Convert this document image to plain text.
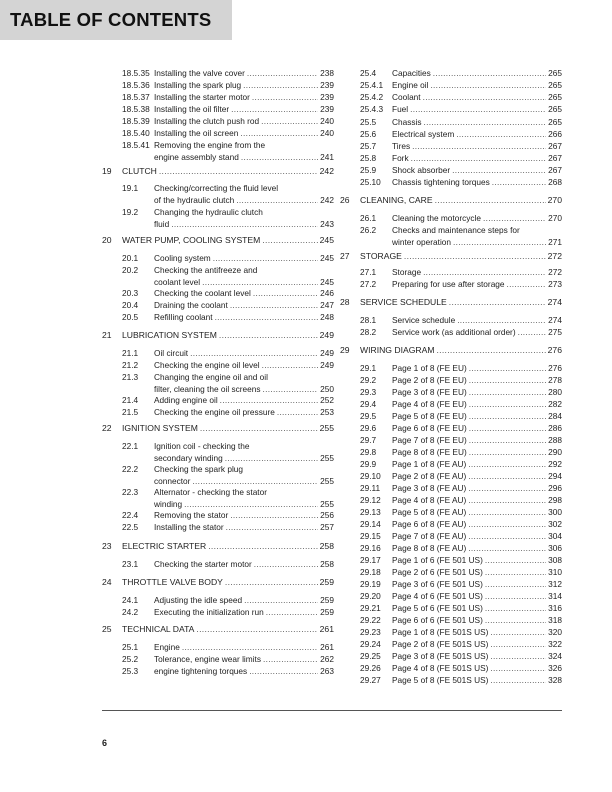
TABLE OF CONTENTS
18.5.35 Installing the valve cover .....	238
18.5.36 Installing the spark plug .....	239
18.5.37 Installing the starter motor .....	239
18.5.38 Installing the oil filter .....	239
18.5.39 Installing the clutch push rod .....	240
18.5.40 Installing the oil screen .....	240
18.5.41 Removing the engine from the
engine assembly stand .....	241
19 CLUTCH .....	242
19.1 Checking/correcting the fluid level
of the hydraulic clutch .....	242
19.2 Changing the hydraulic clutch
fluid .....	243
20 WATER PUMP, COOLING SYSTEM .....	245
20.1 Cooling system .....	245
20.2 Checking the antifreeze and
coolant level .....	245
20.3 Checking the coolant level .....	246
20.4 Draining the coolant .....	247
20.5 Refilling coolant .....	248
21 LUBRICATION SYSTEM .....	249
21.1 Oil circuit .....	249
21.2 Checking the engine oil level .....	249
21.3 Changing the engine oil and oil
filter, cleaning the oil screens .....	250
21.4 Adding engine oil .....	252
21.5 Checking the engine oil pressure .....	253
22 IGNITION SYSTEM .....	255
22.1 Ignition coil - checking the
secondary winding .....	255
22.2 Checking the spark plug
connector .....	255
22.3 Alternator - checking the stator
winding .....	255
22.4 Removing the stator .....	256
22.5 Installing the stator .....	257
23 ELECTRIC STARTER .....	258
23.1 Checking the starter motor .....	258
24 THROTTLE VALVE BODY .....	259
24.1 Adjusting the idle speed .....	259
24.2 Executing the initialization run .....	259
25 TECHNICAL DATA .....	261
25.1 Engine .....	261
25.2 Tolerance, engine wear limits .....	262
25.3 engine tightening torques .....	263
25.4 Capacities .....	265
25.4.1 Engine oil .....	265
25.4.2 Coolant .....	265
25.4.3 Fuel .....	265
25.5 Chassis .....	265
25.6 Electrical system .....	266
25.7 Tires .....	267
25.8 Fork .....	267
25.9 Shock absorber .....	267
25.10 Chassis tightening torques .....	268
26 CLEANING, CARE .....	270
26.1 Cleaning the motorcycle .....	270
26.2 Checks and maintenance steps for
winter operation .....	271
27 STORAGE .....	272
27.1 Storage .....	272
27.2 Preparing for use after storage .....	273
28 SERVICE SCHEDULE .....	274
28.1 Service schedule .....	274
28.2 Service work (as additional order) .....	275
29 WIRING DIAGRAM .....	276
29.1 Page 1 of 8 (FE EU) .....	276
29.2 Page 2 of 8 (FE EU) .....	278
29.3 Page 3 of 8 (FE EU) .....	280
29.4 Page 4 of 8 (FE EU) .....	282
29.5 Page 5 of 8 (FE EU) .....	284
29.6 Page 6 of 8 (FE EU) .....	286
29.7 Page 7 of 8 (FE EU) .....	288
29.8 Page 8 of 8 (FE EU) .....	290
29.9 Page 1 of 8 (FE AU) .....	292
29.10 Page 2 of 8 (FE AU) .....	294
29.11 Page 3 of 8 (FE AU) .....	296
29.12 Page 4 of 8 (FE AU) .....	298
29.13 Page 5 of 8 (FE AU) .....	300
29.14 Page 6 of 8 (FE AU) .....	302
29.15 Page 7 of 8 (FE AU) .....	304
29.16 Page 8 of 8 (FE AU) .....	306
29.17 Page 1 of 6 (FE 501 US) .....	308
29.18 Page 2 of 6 (FE 501 US) .....	310
29.19 Page 3 of 6 (FE 501 US) .....	312
29.20 Page 4 of 6 (FE 501 US) .....	314
29.21 Page 5 of 6 (FE 501 US) .....	316
29.22 Page 6 of 6 (FE 501 US) .....	318
29.23 Page 1 of 8 (FE 501S US) .....	320
29.24 Page 2 of 8 (FE 501S US) .....	322
29.25 Page 3 of 8 (FE 501S US) .....	324
29.26 Page 4 of 8 (FE 501S US) .....	326
29.27 Page 5 of 8 (FE 501S US) .....	328
6
